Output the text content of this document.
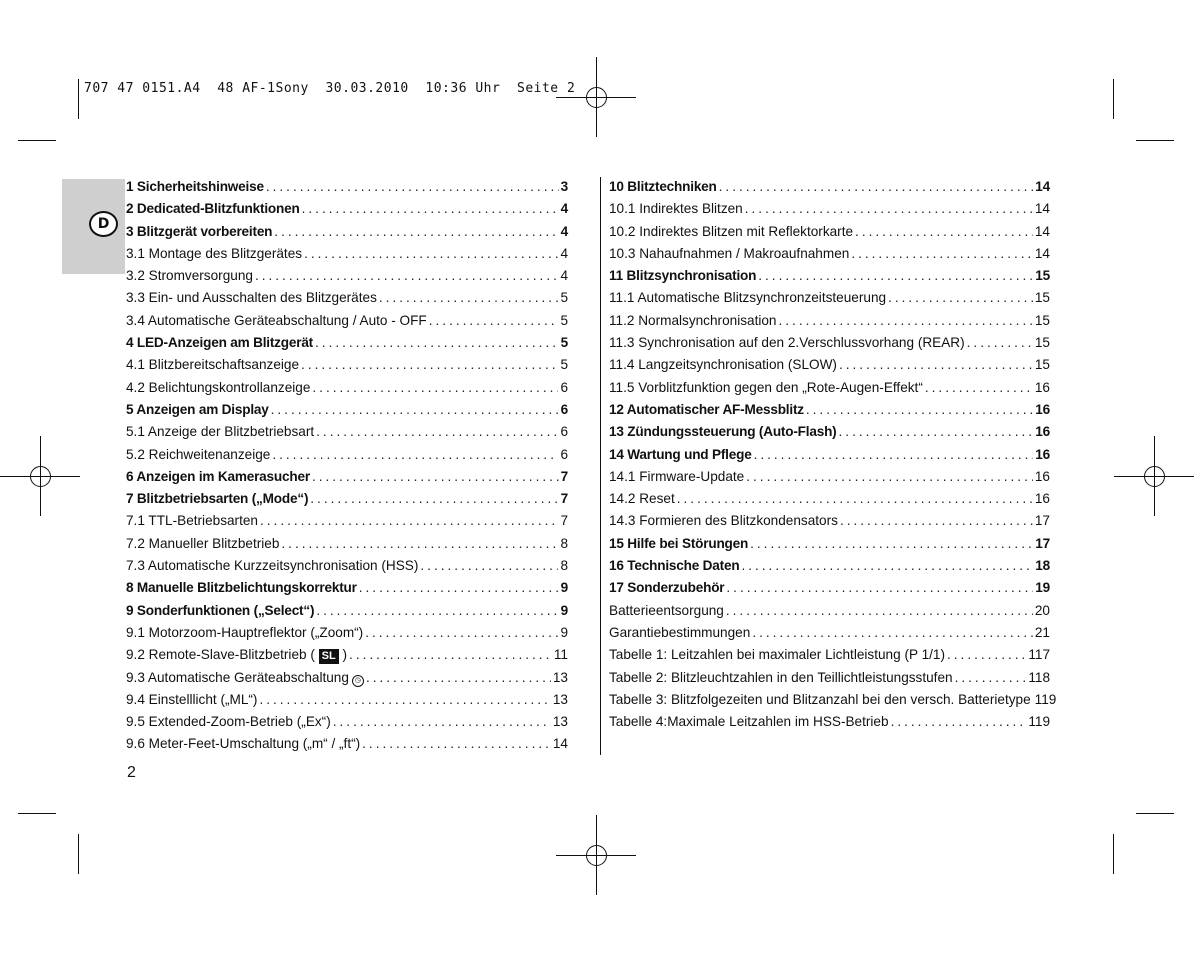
707 47 0151.A4  48 AF-1Sony  30.03.2010  10:36 Uhr  Seite 2
D
1 Sicherheitshinweise .....	3
2 Dedicated-Blitzfunktionen .....	4
3 Blitzgerät vorbereiten .....	4
3.1 Montage des Blitzgerätes .....	4
3.2 Stromversorgung .....	4
3.3 Ein- und Ausschalten des Blitzgerätes .....	5
3.4 Automatische Geräteabschaltung / Auto - OFF .....	5
4 LED-Anzeigen am Blitzgerät .....	5
4.1 Blitzbereitschaftsanzeige .....	5
4.2 Belichtungskontrollanzeige .....	6
5 Anzeigen am Display .....	6
5.1 Anzeige der Blitzbetriebsart .....	6
5.2 Reichweitenanzeige .....	6
6 Anzeigen im Kamerasucher .....	7
7 Blitzbetriebsarten („Mode“) .....	7
7.1 TTL-Betriebsarten .....	7
7.2 Manueller Blitzbetrieb .....	8
7.3 Automatische Kurzzeitsynchronisation (HSS) .....	8
8 Manuelle Blitzbelichtungskorrektur .....	9
9 Sonderfunktionen („Select“) .....	9
9.1 Motorzoom-Hauptreflektor („Zoom“) .....	9
9.2 Remote-Slave-Blitzbetrieb ( SL ) .....	11
9.3 Automatische Geräteabschaltung ◷ .....	13
9.4 Einstelllicht („ML“) .....	13
9.5 Extended-Zoom-Betrieb („Ex“) .....	13
9.6 Meter-Feet-Umschaltung („m“ / „ft“) .....	14
10 Blitztechniken .....	14
10.1 Indirektes Blitzen .....	14
10.2 Indirektes Blitzen mit Reflektorkarte .....	14
10.3 Nahaufnahmen / Makroaufnahmen .....	14
11 Blitzsynchronisation .....	15
11.1 Automatische Blitzsynchronzeitsteuerung .....	15
11.2 Normalsynchronisation .....	15
11.3 Synchronisation auf den 2.Verschlussvorhang (REAR) .....	15
11.4 Langzeitsynchronisation (SLOW) .....	15
11.5 Vorblitzfunktion gegen den „Rote-Augen-Effekt“ .....	16
12 Automatischer AF-Messblitz .....	16
13 Zündungssteuerung (Auto-Flash) .....	16
14 Wartung und Pflege .....	16
14.1 Firmware-Update .....	16
14.2 Reset .....	16
14.3 Formieren des Blitzkondensators .....	17
15 Hilfe bei Störungen .....	17
16 Technische Daten .....	18
17 Sonderzubehör .....	19
Batterieentsorgung .....	20
Garantiebestimmungen .....	21
Tabelle 1: Leitzahlen bei maximaler Lichtleistung (P 1/1) .....	117
Tabelle 2: Blitzleuchtzahlen in den Teillichtleistungsstufen .....	118
Tabelle 3: Blitzfolgezeiten und Blitzanzahl bei den versch. Batterietype 119
Tabelle 4:Maximale Leitzahlen im HSS-Betrieb .....	119
2
